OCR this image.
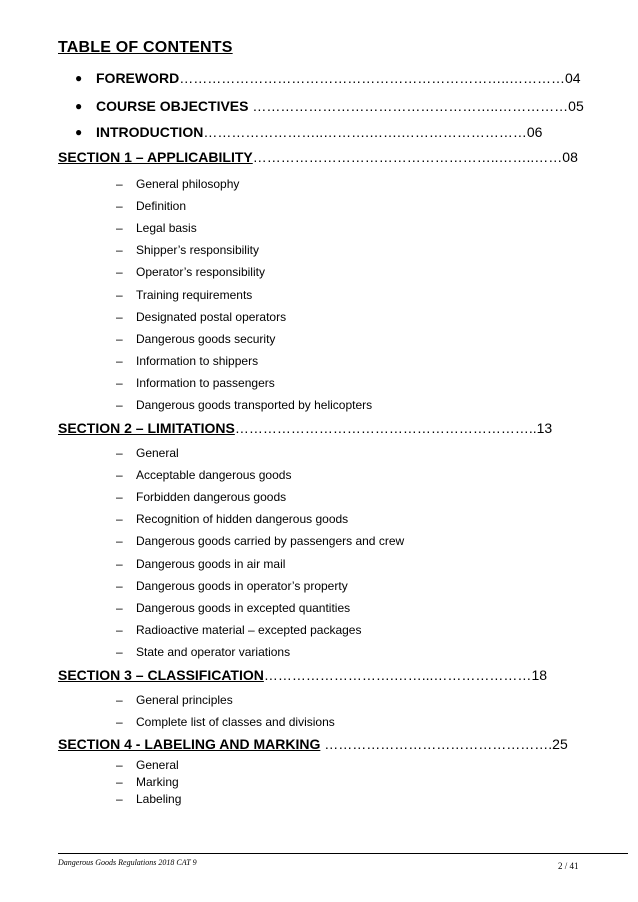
TABLE OF CONTENTS
● FOREWORD……………………………………………………………..…………04
● COURSE OBJECTIVES ……………………………………………..……………05
● INTRODUCTION……………………..……….…….………………………06
SECTION 1 – APPLICABILITY……………………………………………..……..……08
– General philosophy
– Definition
– Legal basis
– Shipper’s responsibility
– Operator’s responsibility
– Training requirements
– Designated postal operators
– Dangerous goods security
– Information to shippers
– Information to passengers
– Dangerous goods transported by helicopters
SECTION 2 – LIMITATIONS………………………………………………………..13
– General
– Acceptable dangerous goods
– Forbidden dangerous goods
– Recognition of hidden dangerous goods
– Dangerous goods carried by passengers and crew
– Dangerous goods in air mail
– Dangerous goods in operator’s property
– Dangerous goods in excepted quantities
– Radioactive material – excepted packages
– State and operator variations
SECTION 3 – CLASSIFICATION……………………….……...…………………18
– General principles
– Complete list of classes and divisions
SECTION 4 - LABELING AND MARKING ………………………………………….25
– General
– Marking
– Labeling
Dangerous Goods Regulations 2018 CAT 9	2 / 41
